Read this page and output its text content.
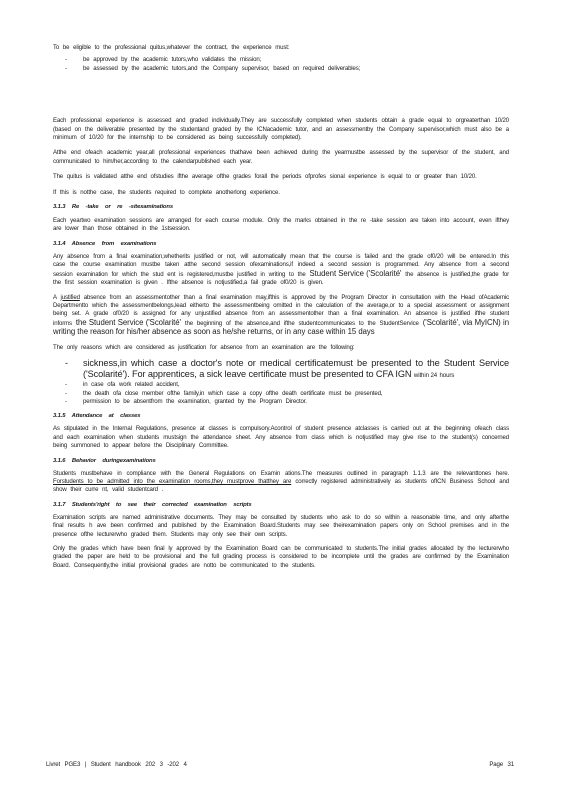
To be eligible to the professional quitus,whatever the contract, the experience must:

- be approved by the academic tutors,who validates the mission;
- be assessed by the academic tutors,and the Company supervisor, based on required deliverables;

Each professional experience is assessed and graded individually.They are successfully completed when students obtain a grade equal to orgreaterthan 10/20 (based on the deliverable presented by the studentand graded by the ICNacademic tutor, and an assessmentby the Company supervisor,which must also be a minimum of 10/20 for the internship to be considered as being successfully completed).

Atthe end ofeach academic year,all professional experiences thathave been achieved during the yearmustbe assessed by the supervisor of the student, and communicated to him/her,according to the calendarpublished each year.

The quitus is validated atthe end ofstudies ifthe average ofthe grades forall the periods ofprofes sional experience is equal to or greater than 10/20.

If this is notthe case, the students required to complete anotherlong experience.

3.1.3 Re -take or re -sitexaminations

Each yeartwo examination sessions are arranged for each course module. Only the marks obtained in the re -take session are taken into account, even ifthey are lower than those obtained in the 1stsession.

3.1.4 Absence from examinations

Any absence from a final examination,whetherits justified or not, will automatically mean that the course is failed and the grade of0/20 will be entered.In this case the course examination mustbe taken atthe second session ofexaminations,if indeed a second session is programmed. Any absence from a second session examination for which the stud ent is registered,mustbe justified in writing to the Student Service ('Scolarité' the absence is justified,the grade for the first session examination is given . Ifthe absence is notjustified,a fail grade of0/20 is given.

A justified absence from an assessmentother than a final examination may,ifthis is approved by the Program Director in consultation with the Head ofAcademic Departmentto which the assessmentbelongs,lead eitherto the assessmentbeing omitted in the calculation of the average,or to a special assessment or assignment being set. A grade of0/20 is assigned for any unjustified absence from an assessmentother than a final examination. An absence is justified ifthe student informs the Student Service ('Scolarité' the beginning of the absence,and ifthe studentcommunicates to the StudentService ('Scolarité', via MyICN) in writing the reason for his/her absence as soon as he/she returns, or in any case within 15 days

The only reasons which are considered as justification for absence from an examination are the following:

- sickness,in which case a doctor's note or medical certificatemust be presented to the Student Service ('Scolarité'). For apprentices, a sick leave certificate must be presented to CFA IGN within 24 hours
- in case ofa work related accident,
- the death ofa close member ofthe family,in which case a copy ofthe death certificate must be presented,
- permission to be absentfrom the examination, granted by the Program Director.
3.1.5 Attendance at classes

As stipulated in the Internal Regulations, presence at classes is compulsory.Acontrol of student presence atclasses is carried out at the beginning ofeach class and each examination when students mustsign the attendance sheet. Any absence from class which is notjustified may give rise to the student(s) concerned being summoned to appear before the Disciplinary Committee.

3.1.6 Behavior duringexaminations

Students mustbehave in compliance with the General Regulations on Examin ations.The measures outlined in paragraph 1.1.3 are the relevanttones here. Forstudents to be admitted into the examination rooms,they mustprove thatthey are correctly registered administratively as students ofICN Business School and show their curre nt, valid studentcard .

3.1.7 Students'right to see their corrected examination scripts

Examination scripts are named administrative documents. They may be consulted by students who ask to do so within a reasonable time, and only afterthe final results h ave been confirmed and published by the Examination Board.Students may see theirexamination papers only on School premises and in the presence ofthe lecturerwho graded them. Students may only see their own scripts.

Only the grades which have been final ly approved by the Examination Board can be communicated to students.The initial grades allocated by the lecturerwho graded the paper are held to be provisional and the full grading process is considered to be incomplete until the grades are confirmed by the Examination Board. Consequently,the initial provisional grades are notto be communicated to the students.

Livret PGE3 | Student handbook 202 3 -202 4	Page 31
